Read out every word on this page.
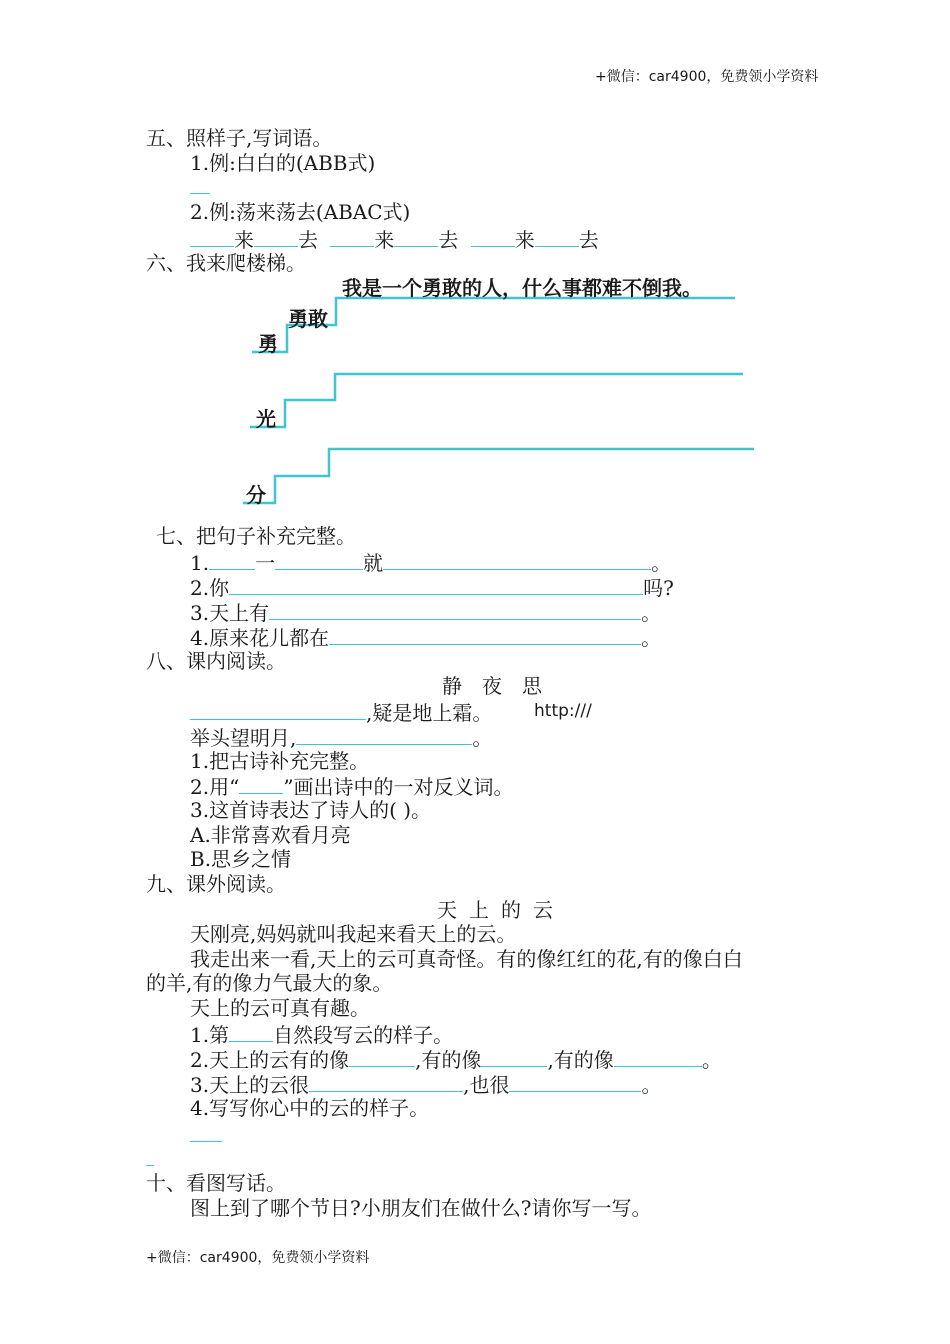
+微信：car4900，免费领小学资料
五、照样子,写词语。
1.例:白白的(ABB式)
2.例:荡来荡去(ABAC式)
来 去	来 去	来 去
六、我来爬楼梯。
我是一个勇敢的人，什么事都难不倒我。
勇敢
勇
光
分
七、把句子补充完整。
1. 一	就	。
2.你	吗?
3.天上有	。
4.原来花儿都在	。
八、课内阅读。
静夜思
,疑是地上霜。 http:///
举头望明月,	。
1.把古诗补充完整。
2.用“ ”画出诗中的一对反义词。
3.这首诗表达了诗人的( )。
A.非常喜欢看月亮
B.思乡之情
九、课外阅读。
天上的云
天刚亮,妈妈就叫我起来看天上的云。
我走出来一看,天上的云可真奇怪。有的像红红的花,有的像白白
的羊,有的像力气最大的象。
天上的云可真有趣。
1.第 自然段写云的样子。
2.天上的云有的像	,有的像	,有的像	。
3.天上的云很	,也很	。
4.写写你心中的云的样子。
十、看图写话。
图上到了哪个节日?小朋友们在做什么?请你写一写。
+微信：car4900，免费领小学资料
